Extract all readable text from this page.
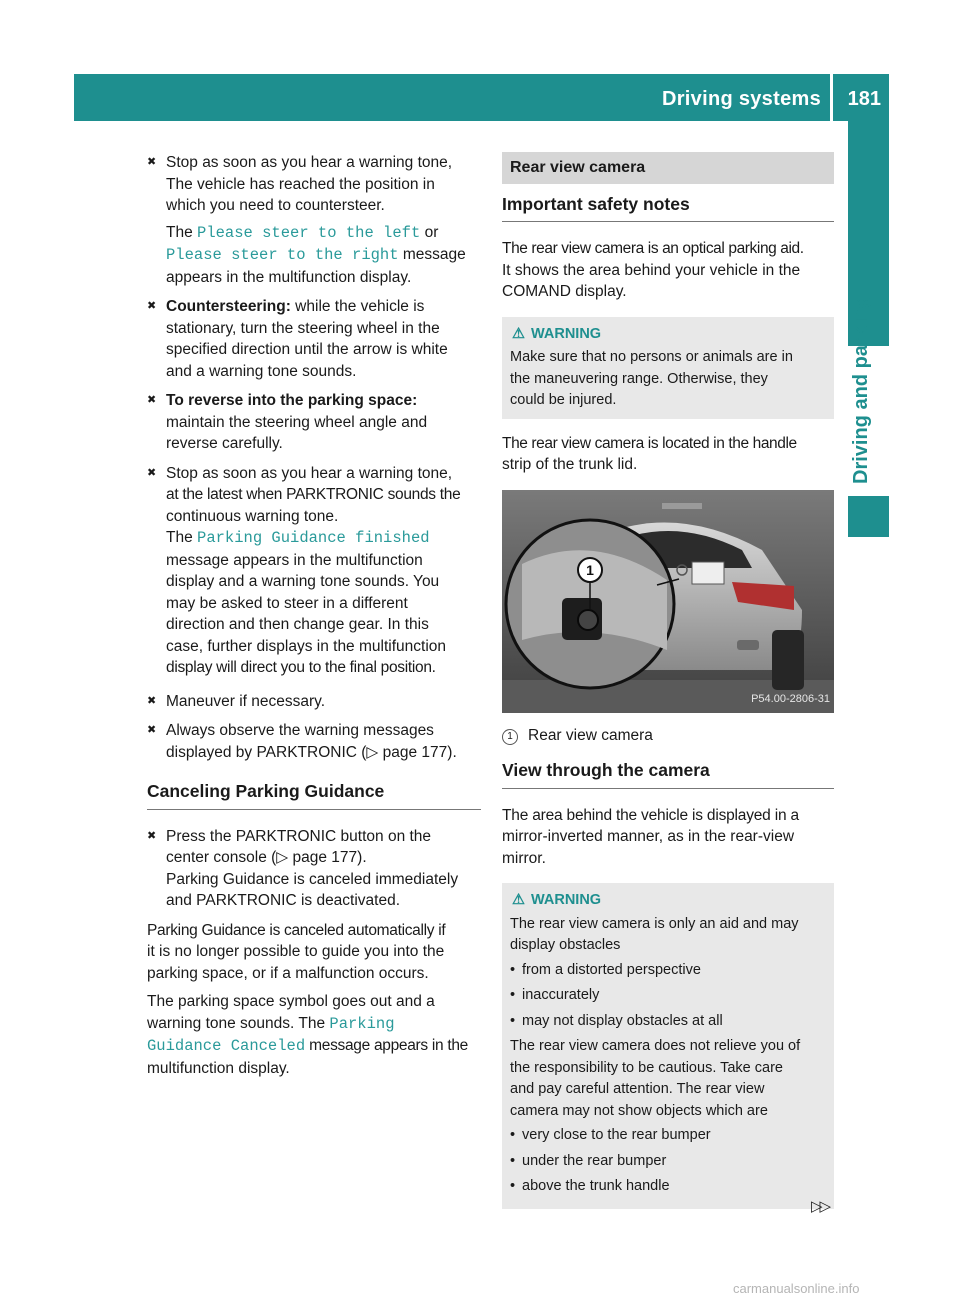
Driving systems 181
Driving and parking
✖ Stop as soon as you hear a warning tone,
The vehicle has reached the position in
which you need to countersteer.

The Please steer to the left or
Please steer to the right message
appears in the multifunction display.

✖ Countersteering: while the vehicle is
stationary, turn the steering wheel in the
specified direction until the arrow is white
and a warning tone sounds.

✖ To reverse into the parking space:
maintain the steering wheel angle and
reverse carefully.

✖ Stop as soon as you hear a warning tone,
at the latest when PARKTRONIC sounds the
continuous warning tone.
The Parking Guidance finished
message appears in the multifunction
display and a warning tone sounds. You
may be asked to steer in a different
direction and then change gear. In this
case, further displays in the multifunction
display will direct you to the final position.

✖ Maneuver if necessary.

✖ Always observe the warning messages
displayed by PARKTRONIC (▷ page 177).

Canceling Parking Guidance
✖ Press the PARKTRONIC button on the
center console (▷ page 177).
Parking Guidance is canceled immediately
and PARKTRONIC is deactivated.

Parking Guidance is canceled automatically if
it is no longer possible to guide you into the
parking space, or if a malfunction occurs.

The parking space symbol goes out and a
warning tone sounds. The Parking
Guidance Canceled message appears in the
multifunction display.

Rear view camera
Important safety notes

The rear view camera is an optical parking aid.
It shows the area behind your vehicle in the
COMAND display.

⚠ WARNING
Make sure that no persons or animals are in
the maneuvering range. Otherwise, they
could be injured.

The rear view camera is located in the handle
strip of the trunk lid.

1
P54.00-2806-31

1 Rear view camera

View through the camera

The area behind the vehicle is displayed in a
mirror-inverted manner, as in the rear-view
mirror.

⚠ WARNING
The rear view camera is only an aid and may
display obstacles
• from a distorted perspective
• inaccurately
• may not display obstacles at all
The rear view camera does not relieve you of
the responsibility to be cautious. Take care
and pay careful attention. The rear view
camera may not show objects which are
• very close to the rear bumper
• under the rear bumper
• above the trunk handle
▷▷
carmanualsonline.info
